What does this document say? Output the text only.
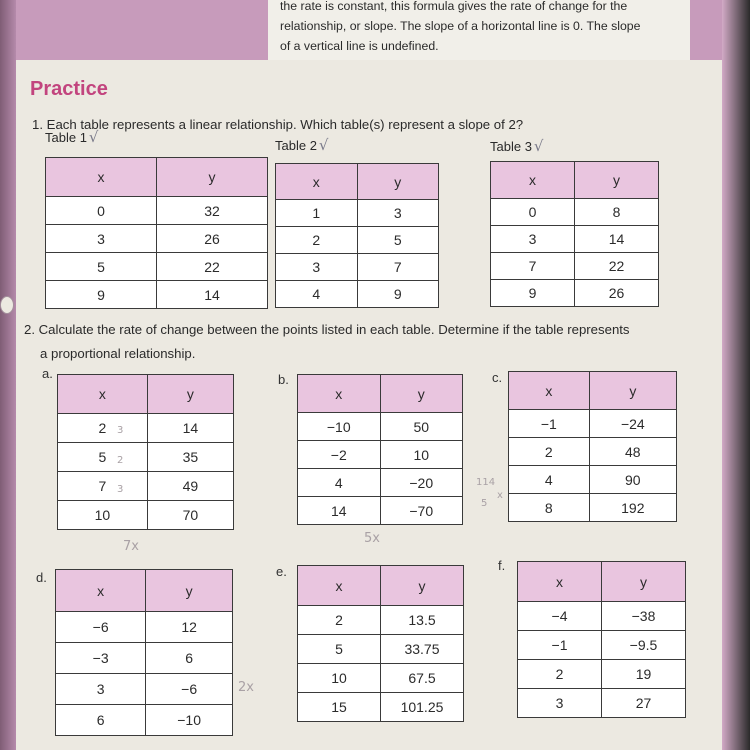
the rate is constant, this formula gives the rate of change for the
relationship, or slope. The slope of a horizontal line is 0. The slope
of a vertical line is undefined.
Practice
1. Each table represents a linear relationship. Which table(s) represent a slope of 2?
Table 1 √	Table 2 √	Table 3 √
x	y
0	32
3	26
5	22
9	14
x	y
1	3
2	5
3	7
4	9
x	y
0	8
3	14
7	22
9	26
2. Calculate the rate of change between the points listed in each table. Determine if the table represents
a proportional relationship.
a.	b.	c.
d.	e.	f.
x	y
2	14
5	35
7	49
10	70
x	y
−10	50
−2	10
4	−20
14	−70
x	y
−1	−24
2	48
4	90
8	192
x	y
−6	12
−3	6
3	−6
6	−10
x	y
2	13.5
5	33.75
10	67.5
15	101.25
x	y
−4	−38
−1	−9.5
2	19
3	27
7x
5x
2x
3
2
3
114
5
x
